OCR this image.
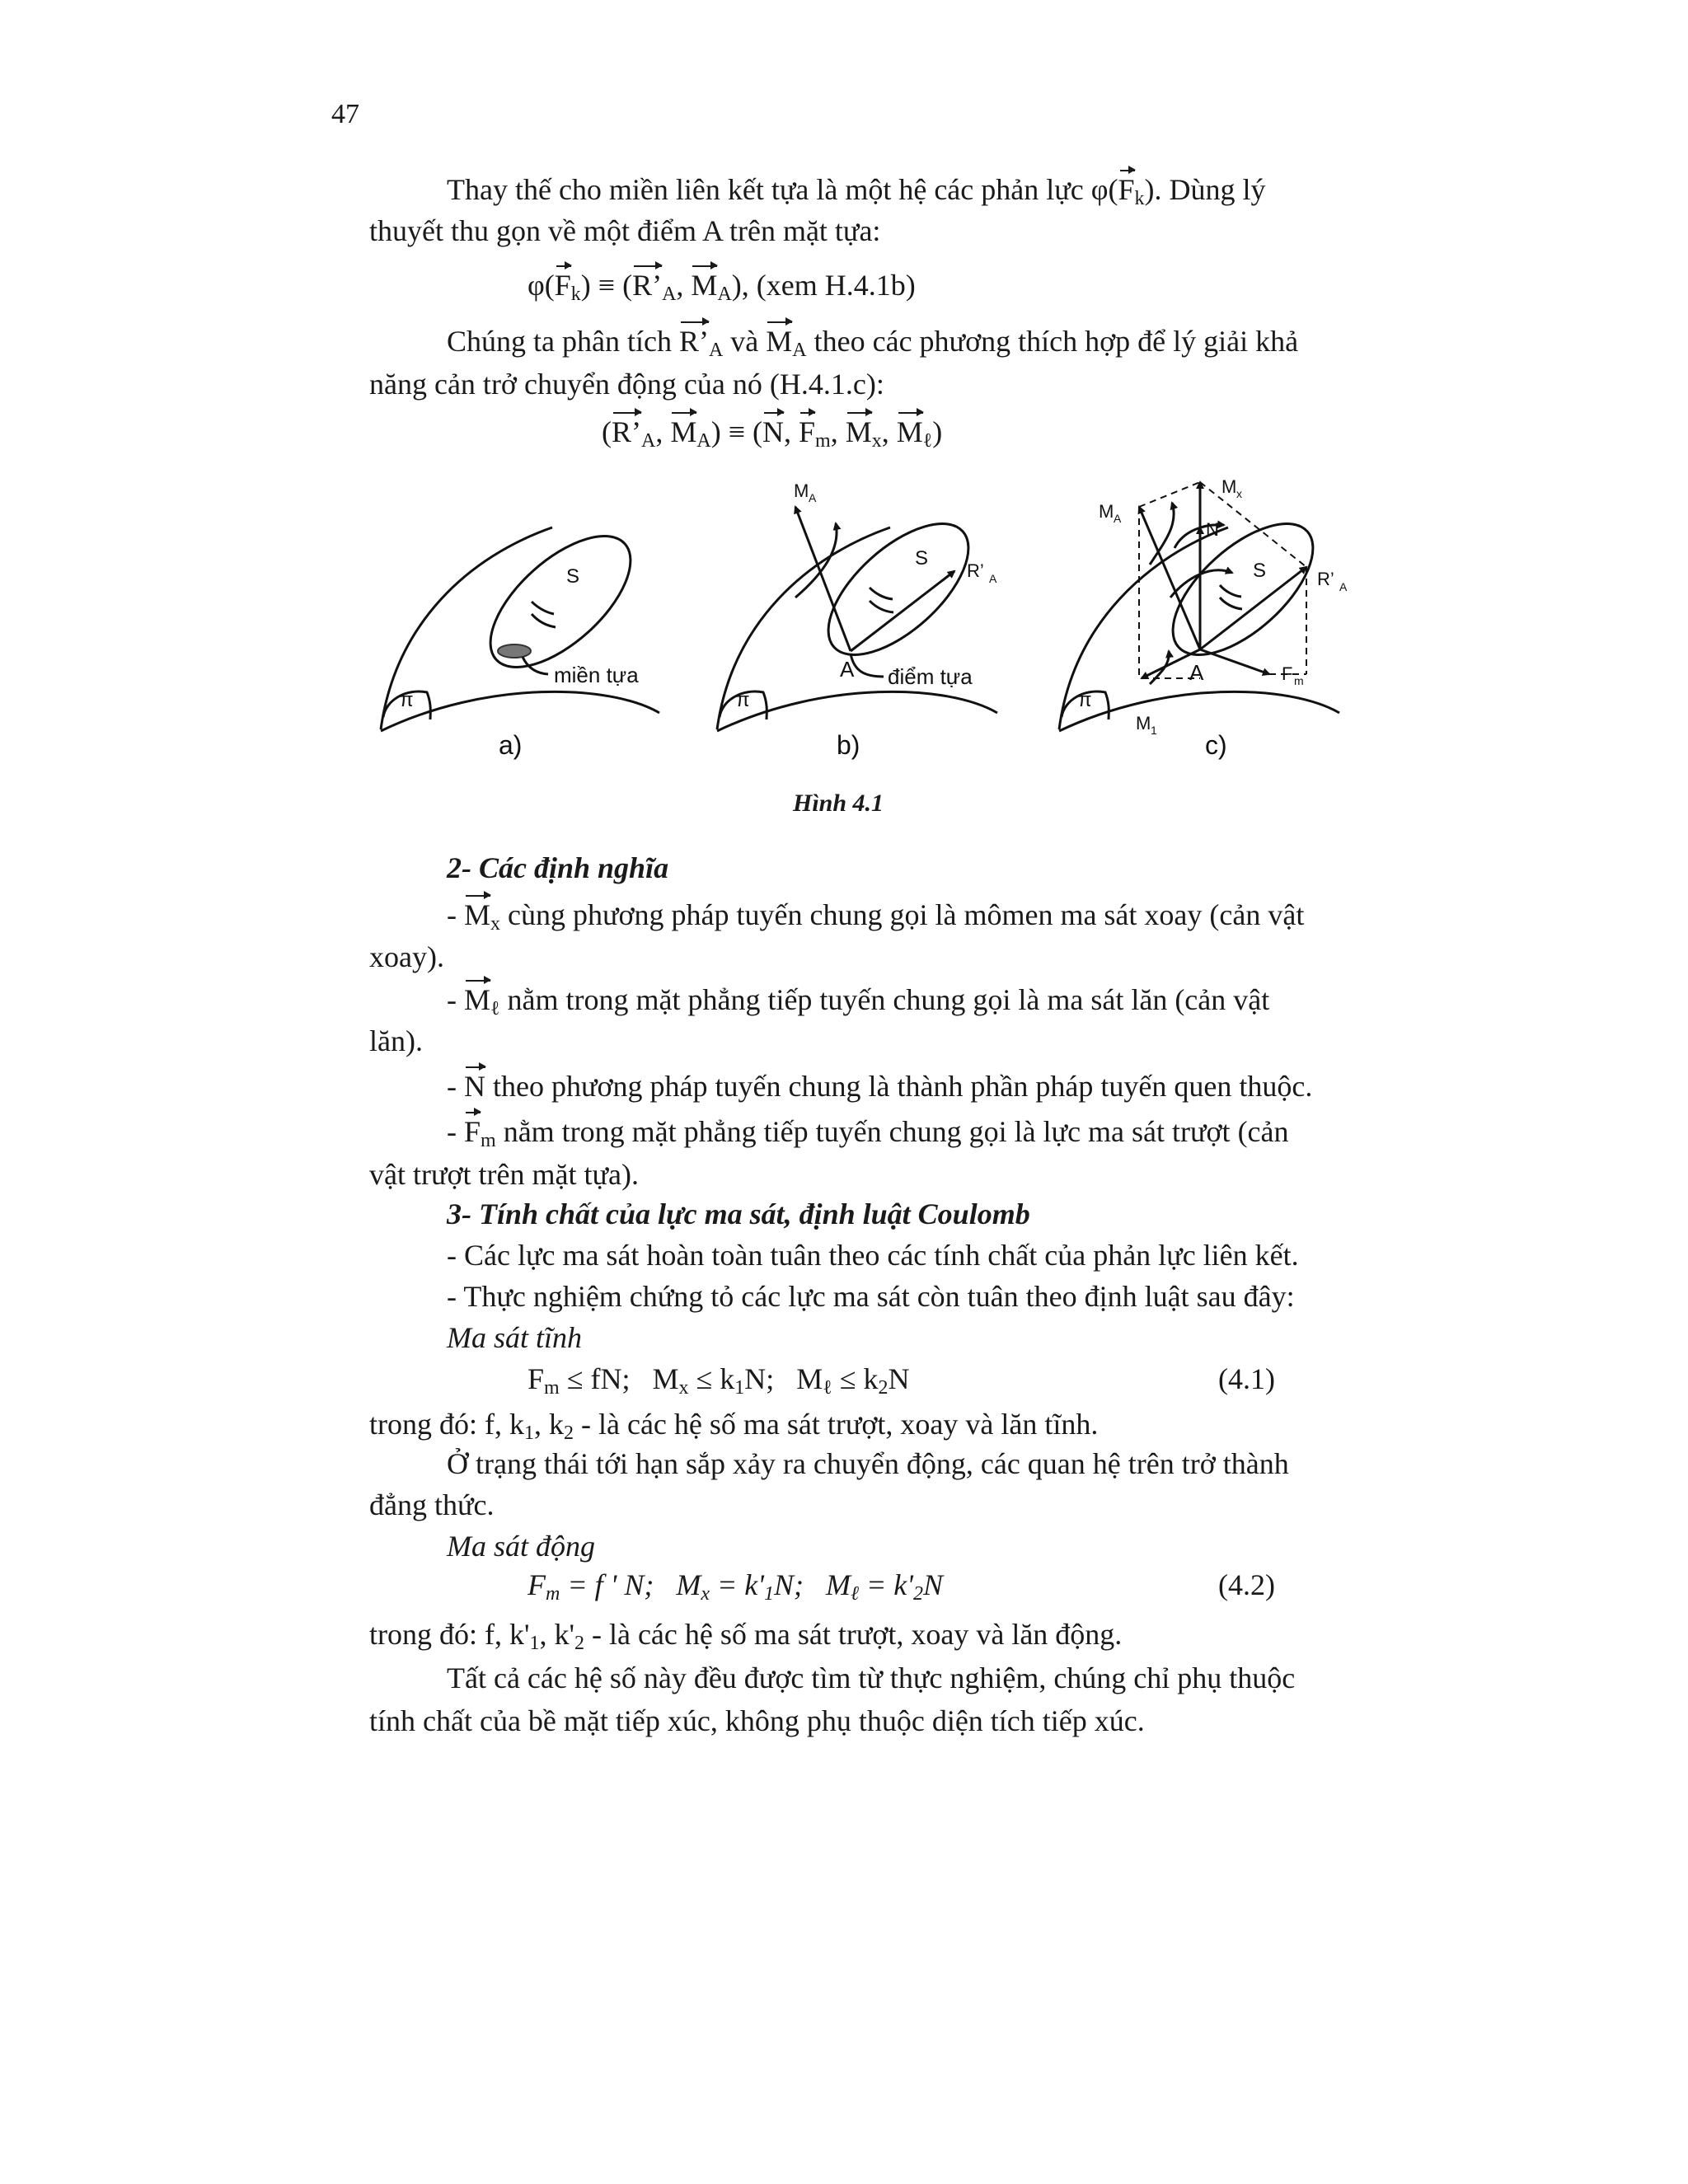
47
Thay thế cho miền liên kết tựa là một hệ các phản lực $\varphi(F_k)$. Dùng lý
thuyết thu gọn về một điểm A trên mặt tựa:
$\varphi(F_k)$ ≡ ($R’_A$, $M_A$), (xem H.4.1b)
Chúng ta phân tích $R’_A$ và $M_A$ theo các phương thích hợp để lý giải khả
năng cản trở chuyển động của nó (H.4.1.c):
($R’_A$, $M_A) \equiv (N$, $F_m$, $M_x$, $M_\ell$)
S
π
miền tựa
S
π
A điểm tựa
M A
R’ A	S
π
A
M x
M A
N
R’ A
F m
M 1
a)	b)	c)
Hình 4.1
2- Các định nghĩa
- $M_x$ cùng phương pháp tuyến chung gọi là mômen ma sát xoay (cản vật
xoay).
- $M_\ell$ nằm trong mặt phẳng tiếp tuyến chung gọi là ma sát lăn (cản vật
lăn).
- N theo phương pháp tuyến chung là thành phần pháp tuyến quen thuộc.
- $F_m$ nằm trong mặt phẳng tiếp tuyến chung gọi là lực ma sát trượt (cản
vật trượt trên mặt tựa).
3- Tính chất của lực ma sát, định luật Coulomb
- Các lực ma sát hoàn toàn tuân theo các tính chất của phản lực liên kết.
- Thực nghiệm chứng tỏ các lực ma sát còn tuân theo định luật sau đây:
Ma sát tĩnh
$F_m$ ≤ fN;   $M_x \le k_1N$;   $M_\ell \le k_2N$	(4.1)
trong đó: f, $k_1$, $k_2$ - là các hệ số ma sát trượt, xoay và lăn tĩnh.
Ở trạng thái tới hạn sắp xảy ra chuyển động, các quan hệ trên trở thành
đẳng thức.
Ma sát động
$F_m = f$ ' N;   $M_x = k'_1N$;   $M_\ell = k'_2N$	(4.2)
trong đó: f, $k'_1$, $k'_2$ - là các hệ số ma sát trượt, xoay và lăn động.
Tất cả các hệ số này đều được tìm từ thực nghiệm, chúng chỉ phụ thuộc
tính chất của bề mặt tiếp xúc, không phụ thuộc diện tích tiếp xúc.
